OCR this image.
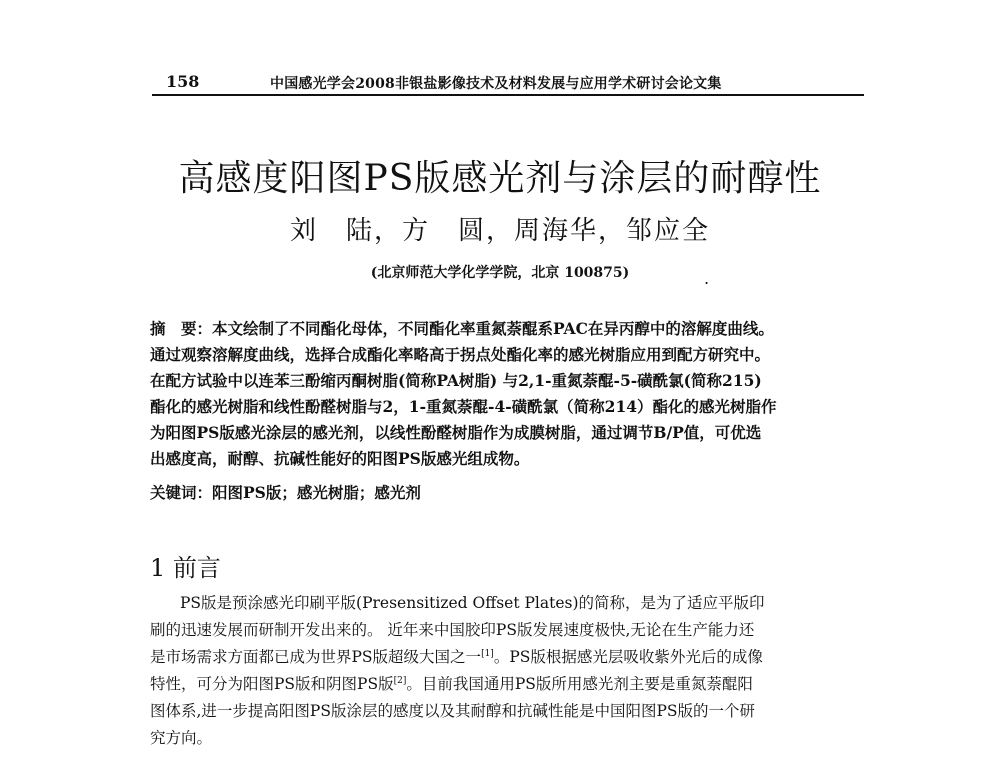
158	中国感光学会2008非银盐影像技术及材料发展与应用学术研讨会论文集
高感度阳图PS版感光剂与涂层的耐醇性
刘　陆，方　圆，周海华，邹应全
(北京师范大学化学学院，北京 100875)	.
摘　要：本文绘制了不同酯化母体，不同酯化率重氮萘醌系PAC在异丙醇中的溶解度曲线。
通过观察溶解度曲线，选择合成酯化率略高于拐点处酯化率的感光树脂应用到配方研究中。
在配方试验中以连苯三酚缩丙酮树脂(简称PA树脂) 与2,1-重氮萘醌-5-磺酰氯(简称215)
酯化的感光树脂和线性酚醛树脂与2，1-重氮萘醌-4-磺酰氯（简称214）酯化的感光树脂作
为阳图PS版感光涂层的感光剂，以线性酚醛树脂作为成膜树脂，通过调节B/P值，可优选
出感度高，耐醇、抗碱性能好的阳图PS版感光组成物。
关键词：阳图PS版；感光树脂；感光剂
1 前言
PS版是预涂感光印刷平版(Presensitized Offset Plates)的简称，是为了适应平版印
刷的迅速发展而研制开发出来的。 近年来中国胶印PS版发展速度极快,无论在生产能力还
是市场需求方面都已成为世界PS版超级大国之一[1]。PS版根据感光层吸收紫外光后的成像
特性，可分为阳图PS版和阴图PS版[2]。目前我国通用PS版所用感光剂主要是重氮萘醌阳
图体系,进一步提高阳图PS版涂层的感度以及其耐醇和抗碱性能是中国阳图PS版的一个研
究方向。
